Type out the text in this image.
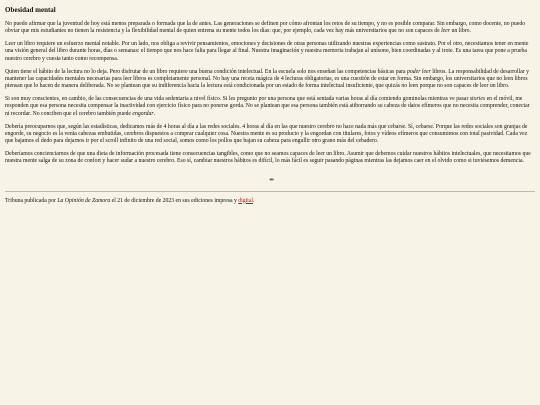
Obesidad mental

No puedo afirmar que la juventud de hoy está menos preparada o formada que la de antes. Las generaciones se definen por cómo afrontan los retos de su tiempo, y no es posible comparar. Sin embargo, como docente, no puedo obviar que mis estudiantes no tienen la resistencia y la flexibilidad mental de quien entrena su mente todos los días: que, por ejemplo, cada vez hay más universitarios que no son capaces de leer un libro.

Leer un libro requiere un esfuerzo mental notable. Por un lado, nos obliga a revivir pensamientos, emociones y decisiones de otras personas utilizando nuestras experiencias como sustrato. Por el otro, necesitamos tener en mente una visión general del libro durante horas, días o semanas: el tiempo que nos hace falta para llegar al final. Nuestra imaginación y nuestra memoria trabajan al unísono, bien coordinadas y al trote. Es una tarea que pone a prueba nuestro cerebro y cuesta tanto como recompensa.

Quien tiene el hábito de la lectura no lo deja. Pero disfrutar de un libro requiere una buena condición intelectual. En la escuela solo nos enseñan las competencias básicas para poder leer libros. La responsabilidad de desarrollar y mantener las capacidades mentales necesarias para leer libros es completamente personal. No hay una receta mágica de 4 lecturas obligatorias, es una cuestión de estar en forma. Sin embargo, los universitarios que no leen libros piensan que lo hacen de manera deliberada. No se plantean que su indiferencia hacia la lectura está condicionada por un estado de forma intelectual insuficiente, que quizás no leen porque no son capaces de leer un libro.

Si son muy conscientes, en cambio, de las consecuencias de una vida sedentaria a nivel físico. Si les pregunto por una persona que está sentada varias horas al día comiendo gominolas mientras ve pasar stories en el móvil, me responden que esa persona necesita compensar la inactividad con ejercicio físico para no ponerse gorda. No se plantean que esa persona también está atiborrando su cabeza de datos efímeros que no necesita comprender, conectar ni recordar. No conciben que el cerebro también puede engordar.

Debería preocuparnos que, según las estadísticas, dedicamos más de 4 horas al día a las redes sociales. 4 horas al día en las que nuestro cerebro no hace nada más que cebarse. Sí, cebarse. Porque las redes sociales son granjas de engorde, su negocio es la venta cabezas embutidas, cerebros dispuestos a comprar cualquier cosa. Nuestra mente es su producto y la engordan con titulares, fotos y vídeos efímeros que consumimos con total pasividad. Cada vez que bajamos el dedo para dejarnos ir por el scroll infinito de una red social, somos como los pollos que bajan su cabeza para engullir otro grano más del cebadero.

Deberíamos concienciarnos de que una dieta de información procesada tiene consecuencias tangibles, como que no seamos capaces de leer un libro. Asumir que debemos cuidar nuestros hábitos intelectuales, que necesitamos que nuestra mente salga de su zona de confort y hacer sudar a nuestro cerebro. Eso sí, cambiar nuestros hábitos es difícil, lo más fácil es seguir pasando páginas mientras las dejamos caer en el olvido como si tuviésemos demencia.

✒
Tribuna publicada por La Opinión de Zamora el 21 de diciembre de 2023 en sus ediciones impresa y digital.
